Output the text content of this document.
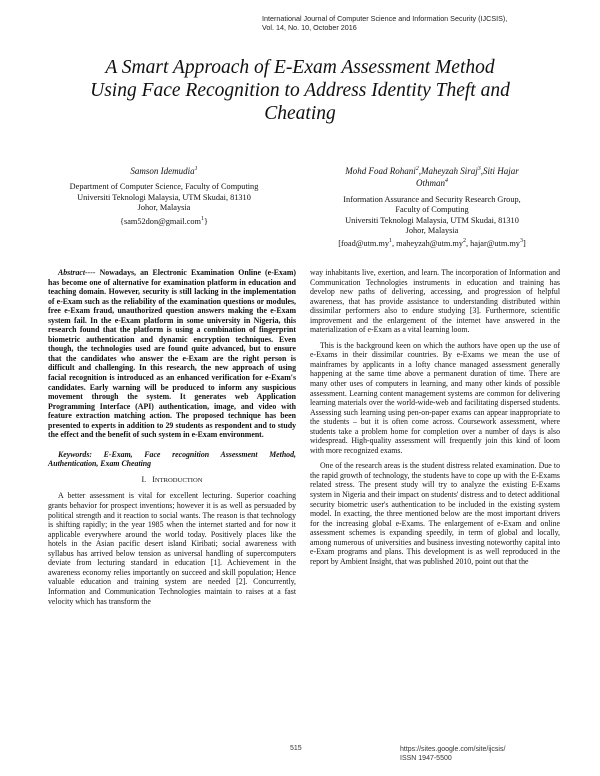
International Journal of Computer Science and Information Security (IJCSIS),
Vol. 14, No. 10, October 2016
A Smart Approach of E-Exam Assessment Method
Using Face Recognition to Address Identity Theft and
Cheating
Samson Idemudia$^1$
Department of Computer Science, Faculty of Computing
Universiti Teknologi Malaysia, UTM Skudai, 81310
Johor, Malaysia
{sam52don@gmail.com$^1$}
Mohd Foad Rohani$^2$,Maheyzah Siraj$^3$,Siti Hajar
Othman$^4$
Information Assurance and Security Research Group,
Faculty of Computing
Universiti Teknologi Malaysia, UTM Skudai, 81310
Johor, Malaysia
[$foad@utm.my^1$, $maheyzah@utm.my^2$, $hajar@utm.my^3$]

Abstract---- Nowadays, an Electronic Examination Online (e-Exam) has become one of alternative for examination platform in education and teaching domain. However, security is still lacking in the implementation of e-Exam such as the reliability of the examination questions or modules, free e-Exam fraud, unauthorized question answers making the e-Exam system fail. In the e-Exam platform in some university in Nigeria, this research found that the platform is using a combination of fingerprint biometric authentication and dynamic encryption techniques. Even though, the technologies used are found quite advanced, but to ensure that the candidates who answer the e-Exam are the right person is difficult and challenging. In this research, the new approach of using facial recognition is introduced as an enhanced verification for e-Exam's candidates. Early warning will be produced to inform any suspicious movement through the system. It generates web Application Programming Interface (API) authentication, image, and video with feature extraction matching action. The proposed technique has been presented to experts in addition to 29 students as respondent and to study the effect and the benefit of such system in e-Exam environment.

Keywords: E-Exam, Face recognition Assessment Method, Authentication, Exam Cheating

I. INTRODUCTION

A better assessment is vital for excellent lecturing. Superior coaching grants behavior for prospect inventions; however it is as well as persuaded by political strength and it reaction to social wants. The reason is that technology is shifting rapidly; in the year 1985 when the internet started and for now it applicable everywhere around the world today. Positively places like the hotels in the Asian pacific desert island Kiribati; social awareness with syllabus has arrived below tension as universal handling of supercomputers deviate from lecturing standard in education [1]. Achievement in the awareness economy relies importantly on succeed and skill population; Hence valuable education and training system are needed [2]. Concurrently, Information and Communication Technologies maintain to raises at a fast velocity which has transform the

way inhabitants live, exertion, and learn. The incorporation of Information and Communication Technologies instruments in education and training has develop new paths of delivering, accessing, and progression of helpful awareness, that has provide assistance to understanding distributed within dissimilar performers also to endure studying [3]. Furthermore, scientific improvement and the enlargement of the internet have answered in the materialization of e-Exam as a vital learning loom.

This is the background keen on which the authors have open up the use of e-Exams in their dissimilar countries. By e-Exams we mean the use of mainframes by applicants in a lofty chance managed assessment generally happening at the same time above a permanent duration of time. There are many other uses of computers in learning, and many other kinds of possible assessment. Learning content management systems are common for delivering learning materials over the world-wide-web and facilitating dispersed students. Assessing such learning using pen-on-paper exams can appear inappropriate to the students – but it is often come across. Coursework assessment, where students take a problem home for completion over a number of days is also widespread. High-quality assessment will frequently join this kind of loom with more recognized exams.

One of the research areas is the student distress related examination. Due to the rapid growth of technology, the students have to cope up with the E-Exams related stress. The present study will try to analyze the existing E-Exams system in Nigeria and their impact on students' distress and to detect additional security biometric user's authentication to be included in the existing system model. In exacting, the three mentioned below are the most important drivers for the increasing global e-Exams. The enlargement of e-Exam and online assessment schemes is expanding speedily, in term of global and locally, among numerous of universities and business investing noteworthy capital into e-Exam programs and plans. This development is as well reproduced in the report by Ambient Insight, that was published 2010, point out that the

515	https://sites.google.com/site/ijcsis/
ISSN 1947-5500
